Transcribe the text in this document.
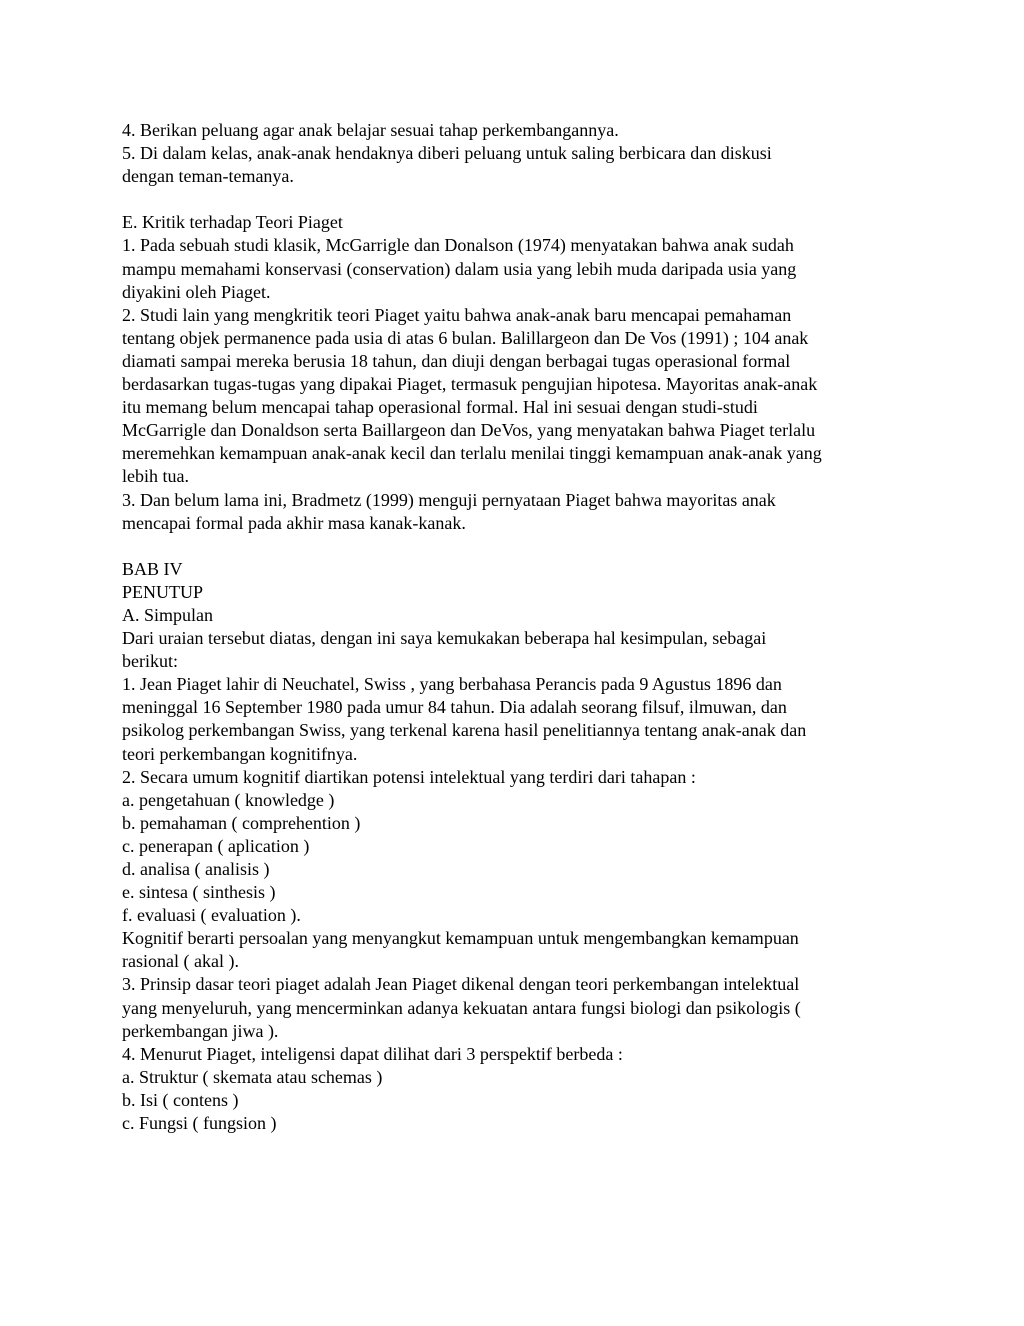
4. Berikan peluang agar anak belajar sesuai tahap perkembangannya.
5. Di dalam kelas, anak-anak hendaknya diberi peluang untuk saling berbicara dan diskusi
dengan teman-temanya.
E. Kritik terhadap Teori Piaget
1. Pada sebuah studi klasik, McGarrigle dan Donalson (1974) menyatakan bahwa anak sudah
mampu memahami konservasi (conservation) dalam usia yang lebih muda daripada usia yang
diyakini oleh Piaget.
2. Studi lain yang mengkritik teori Piaget yaitu bahwa anak-anak baru mencapai pemahaman
tentang objek permanence pada usia di atas 6 bulan. Balillargeon dan De Vos (1991) ; 104 anak
diamati sampai mereka berusia 18 tahun, dan diuji dengan berbagai tugas operasional formal
berdasarkan tugas-tugas yang dipakai Piaget, termasuk pengujian hipotesa. Mayoritas anak-anak
itu memang belum mencapai tahap operasional formal. Hal ini sesuai dengan studi-studi
McGarrigle dan Donaldson serta Baillargeon dan DeVos, yang menyatakan bahwa Piaget terlalu
meremehkan kemampuan anak-anak kecil dan terlalu menilai tinggi kemampuan anak-anak yang
lebih tua.
3. Dan belum lama ini, Bradmetz (1999) menguji pernyataan Piaget bahwa mayoritas anak
mencapai formal pada akhir masa kanak-kanak.
BAB IV
PENUTUP
A. Simpulan
Dari uraian tersebut diatas, dengan ini saya kemukakan beberapa hal kesimpulan, sebagai
berikut:
1. Jean Piaget lahir di Neuchatel, Swiss , yang berbahasa Perancis pada 9 Agustus 1896 dan
meninggal 16 September 1980 pada umur 84 tahun. Dia adalah seorang filsuf, ilmuwan, dan
psikolog perkembangan Swiss, yang terkenal karena hasil penelitiannya tentang anak-anak dan
teori perkembangan kognitifnya.
2. Secara umum kognitif diartikan potensi intelektual yang terdiri dari tahapan :
a. pengetahuan ( knowledge )
b. pemahaman ( comprehention )
c. penerapan ( aplication )
d. analisa ( analisis )
e. sintesa ( sinthesis )
f. evaluasi ( evaluation ).
Kognitif berarti persoalan yang menyangkut kemampuan untuk mengembangkan kemampuan
rasional ( akal ).
3. Prinsip dasar teori piaget adalah Jean Piaget dikenal dengan teori perkembangan intelektual
yang menyeluruh, yang mencerminkan adanya kekuatan antara fungsi biologi dan psikologis (
perkembangan jiwa ).
4. Menurut Piaget, inteligensi dapat dilihat dari 3 perspektif berbeda :
a. Struktur ( skemata atau schemas )
b. Isi ( contens )
c. Fungsi ( fungsion )
